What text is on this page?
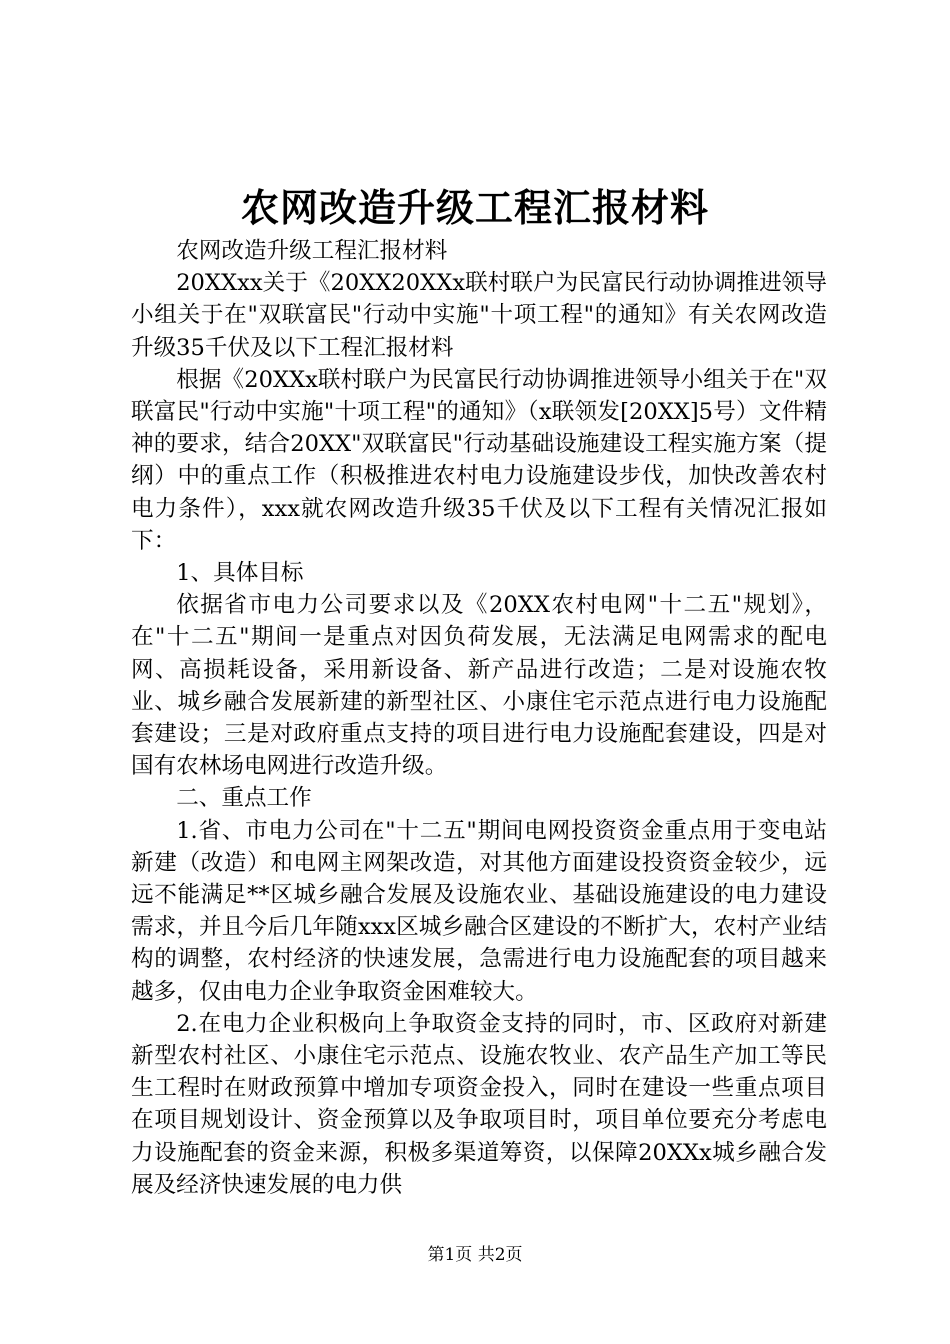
农网改造升级工程汇报材料

农网改造升级工程汇报材料

20XXxx关于《20XX20XXx联村联户为民富民行动协调推进领导小组关于在"双联富民"行动中实施"十项工程"的通知》有关农网改造升级35千伏及以下工程汇报材料

根据《20XXx联村联户为民富民行动协调推进领导小组关于在"双联富民"行动中实施"十项工程"的通知》（x联领发[20XX]5号）文件精神的要求，结合20XX"双联富民"行动基础设施建设工程实施方案（提纲）中的重点工作（积极推进农村电力设施建设步伐，加快改善农村电力条件），xxx就农网改造升级35千伏及以下工程有关情况汇报如下：

1、具体目标

依据省市电力公司要求以及《20XX农村电网"十二五"规划》，在"十二五"期间一是重点对因负荷发展，无法满足电网需求的配电网、高损耗设备，采用新设备、新产品进行改造；二是对设施农牧业、城乡融合发展新建的新型社区、小康住宅示范点进行电力设施配套建设；三是对政府重点支持的项目进行电力设施配套建设，四是对国有农林场电网进行改造升级。

二、重点工作

1.省、市电力公司在"十二五"期间电网投资资金重点用于变电站新建（改造）和电网主网架改造，对其他方面建设投资资金较少，远远不能满足**区城乡融合发展及设施农业、基础设施建设的电力建设需求，并且今后几年随xxx区城乡融合区建设的不断扩大，农村产业结构的调整，农村经济的快速发展，急需进行电力设施配套的项目越来越多，仅由电力企业争取资金困难较大。

2.在电力企业积极向上争取资金支持的同时，市、区政府对新建新型农村社区、小康住宅示范点、设施农牧业、农产品生产加工等民生工程时在财政预算中增加专项资金投入，同时在建设一些重点项目在项目规划设计、资金预算以及争取项目时，项目单位要充分考虑电力设施配套的资金来源，积极多渠道筹资，以保障20XXx城乡融合发展及经济快速发展的电力供

第1页 共2页
